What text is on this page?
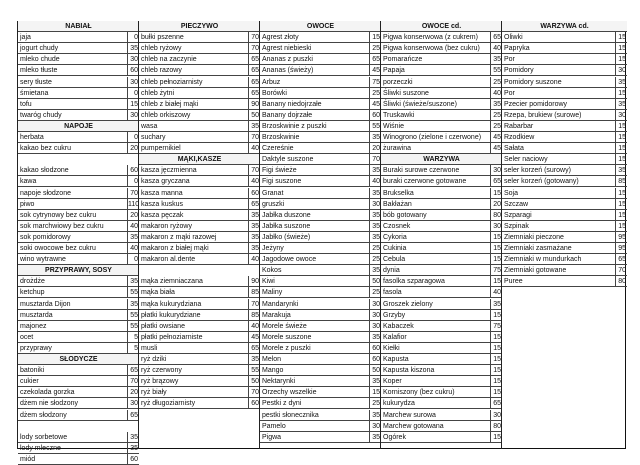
NABIAŁ
jaja	0
jogurt chudy	35
mleko chude	30
mleko tłuste	60
sery tłuste	30
śmietana	0
tofu	15
twaróg chudy	30
NAPOJE
herbata	0
kakao bez cukru	20
kakao słodzone	60
kawa	0
napoje słodzone	70
piwo	110
sok cytrynowy bez cukru	20
sok marchwiowy bez cukru	40
sok pomidorowy	35
soki owocowe bez cukru	40
wino wytrawne	0
PRZYPRAWY, SOSY
drożdże	35
ketchup	55
musztarda Dijon	35
musztarda	55
majonez	55
ocet	5
przyprawy	5
SŁODYCZE
batoniki	65
cukier	70
czekolada gorzka	20
dżem nie słodzony	30
dżem słodzony	65
lody sorbetowe	35
lody mleczne	35
miód	60
PIECZYWO
bułki pszenne	70
chleb ryżowy	70
chleb na zaczynie	65
chleb razowy	65
chleb pełnoziarnisty	65
chleb żytni	65
chleb z białej mąki	90
chleb orkiszowy	50
wasa	35
suchary	70
pumpernikiel	40
MĄKI,KASZE
kasza jęczmienna	70
kasza gryczana	40
kasza manna	60
kasza kuskus	65
kasza pęczak	35
makaron ryżowy	35
makaron z mąki razowej	35
makaron z białej mąki	35
makaron al.dente	40
mąka ziemniaczana	90
mąka biała	85
mąka kukurydziana	70
płatki kukurydziane	85
płatki owsiane	40
płatki pełnoziarniste	45
musli	65
ryż dziki	35
ryż czerwony	55
ryż brązowy	50
ryż biały	70
ryż długoziarnisty	60
OWOCE
Agrest złoty	15
Agrest niebieski	25
Ananas z puszki	65
Ananas (świeży)	45
Arbuz	75
Borówki	25
Banany niedojrzałe	45
Banany dojrzałe	60
Brzoskwinie z puszki	55
Brzoskwinie	35
Czereśnie	20
Daktyle suszone	70
Figi świeże	35
Figi suszone	40
Granat	35
gruszki	30
Jabłka duszone	35
Jabłka suszone	35
Jabłko (świeże)	35
Jeżyny	25
Jagodowe owoce	25
Kokos	35
Kiwi	50
Maliny	25
Mandarynki	30
Marakuja	30
Morele świeże	30
Morele suszone	35
Morele z puszki	60
Melon	60
Mango	50
Nektarynki	35
Orzechy wszelkie	15
Pestki z dyni	25
pestki słonecznika	35
Pamelo	30
Pigwa	35
OWOCE cd.
Pigwa konserwowa (z cukrem)	65
Pigwa konserwowa (bez cukru)	40
Pomarańcze	35
Papaja	55
porzeczki	25
Śliwki suszone	40
Śliwki (świeże/suszone)	35
Truskawki	25
Wiśnie	25
Winogrono (zielone i czerwone)	45
żurawina	45
WARZYWA
Buraki surowe czerwone	30
buraki czerwone gotowane	65
Brukselka	15
Bakłażan	20
bób gotowany	80
Czosnek	30
Cykoria	15
Cukinia	15
Cebula	15
dynia	75
fasolka szparagowa	15
fasola	40
Groszek zielony	35
Grzyby	15
Kabaczek	75
Kalafior	15
Kiełki	15
Kapusta	15
Kapusta kiszona	15
Koper	15
Korniszony (bez cukru)	15
kukurydza	65
Marchew surowa	30
Marchew gotowana	80
Ogórek	15
WARZYWA cd.
Oliwki	15
Papryka	15
Por	15
Pomidory	30
Pomidory suszone	35
Por	15
Pzecier pomidorowy	35
Rzepa, brukiew (surowe)	30
Rabarbar	15
Rzodkiew	15
Sałata	15
Seler naciowy	15
seler korzeń (surowy)	35
seler korzeń (gotowany)	85
Soja	15
Szczaw	15
Szparagi	15
Szpinak	15
Ziemniaki pieczone	95
Ziemniaki zasmażane	95
Ziemniaki w mundurkach	65
Ziemniaki gotowane	70
Puree	80
